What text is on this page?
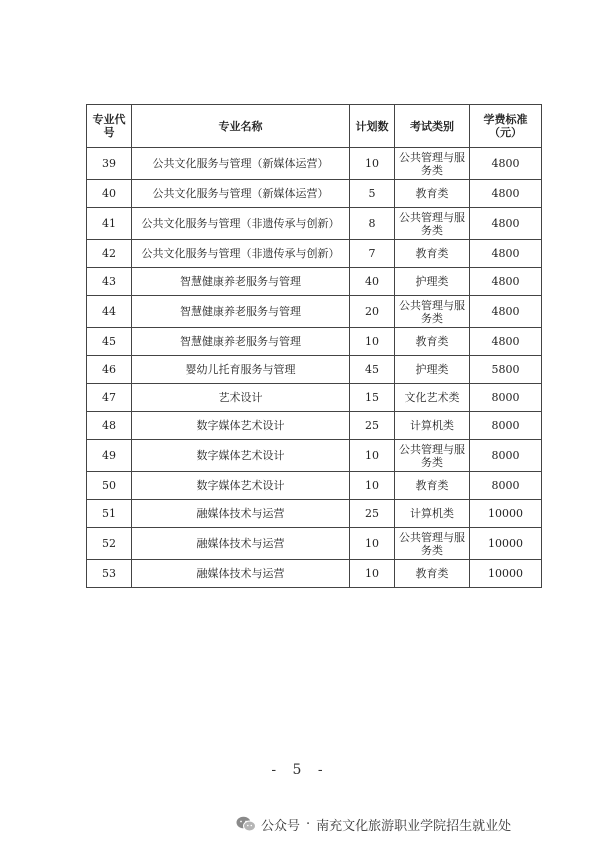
专业代号	专业名称	计划数	考试类别	学费标准（元）
39	公共文化服务与管理（新媒体运营）	10	公共管理与服务类	4800
40	公共文化服务与管理（新媒体运营）	5	教育类	4800
41	公共文化服务与管理（非遗传承与创新）	8	公共管理与服务类	4800
42	公共文化服务与管理（非遗传承与创新）	7	教育类	4800
43	智慧健康养老服务与管理	40	护理类	4800
44	智慧健康养老服务与管理	20	公共管理与服务类	4800
45	智慧健康养老服务与管理	10	教育类	4800
46	婴幼儿托育服务与管理	45	护理类	5800
47	艺术设计	15	文化艺术类	8000
48	数字媒体艺术设计	25	计算机类	8000
49	数字媒体艺术设计	10	公共管理与服务类	8000
50	数字媒体艺术设计	10	教育类	8000
51	融媒体技术与运营	25	计算机类	10000
52	融媒体技术与运营	10	公共管理与服务类	10000
53	融媒体技术与运营	10	教育类	10000
- 5 -
公众号 · 南充文化旅游职业学院招生就业处
